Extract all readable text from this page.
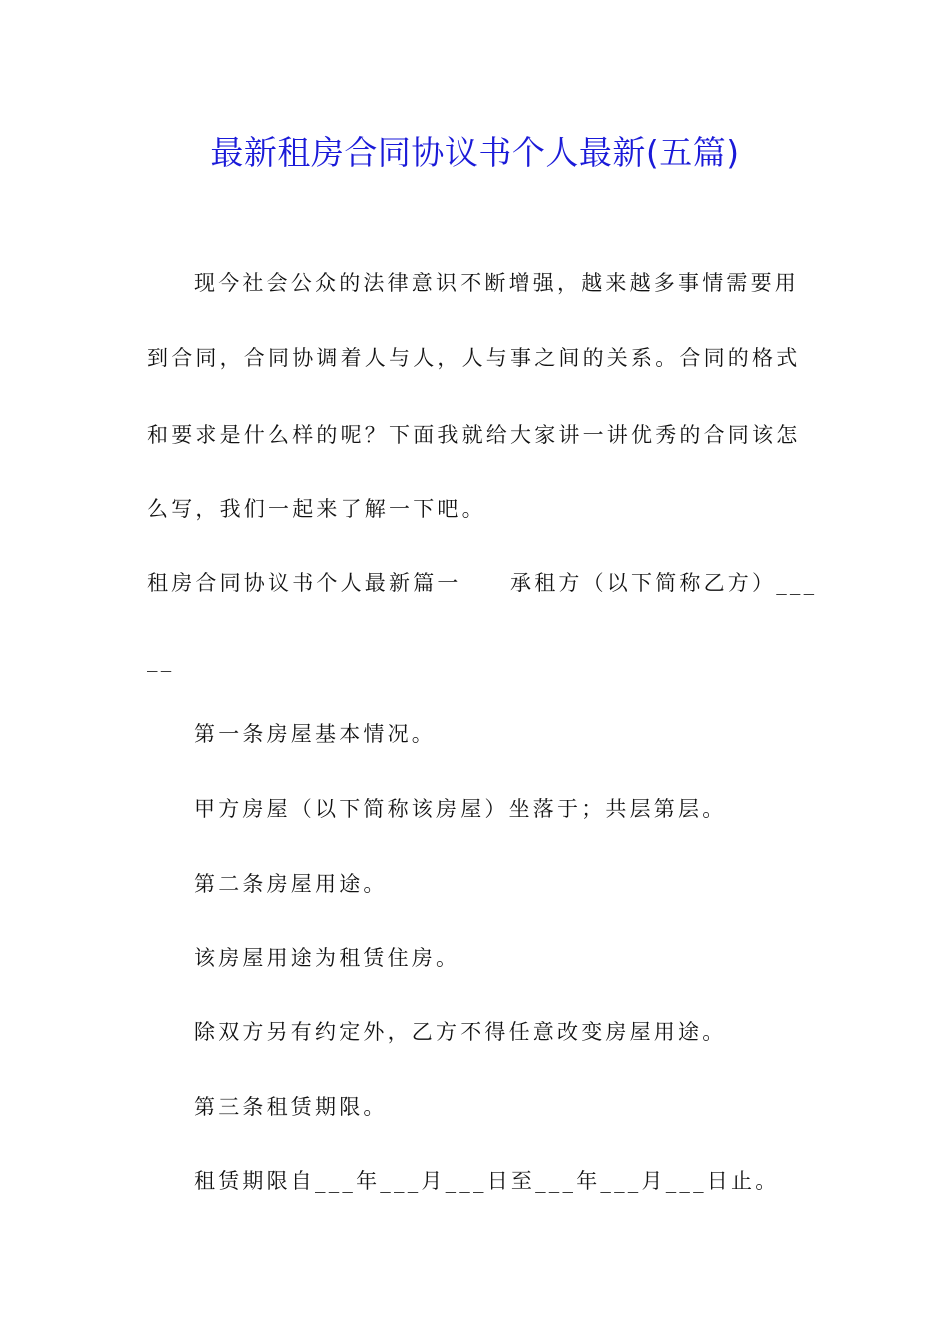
最新租房合同协议书个人最新(五篇)
现今社会公众的法律意识不断增强，越来越多事情需要用
到合同，合同协调着人与人，人与事之间的关系。合同的格式
和要求是什么样的呢？下面我就给大家讲一讲优秀的合同该怎
么写，我们一起来了解一下吧。
租房合同协议书个人最新篇一　　承租方（以下简称乙方）___
__
第一条房屋基本情况。
甲方房屋（以下简称该房屋）坐落于；共层第层。
第二条房屋用途。
该房屋用途为租赁住房。
除双方另有约定外，乙方不得任意改变房屋用途。
第三条租赁期限。
租赁期限自___年___月___日至___年___月___日止。
